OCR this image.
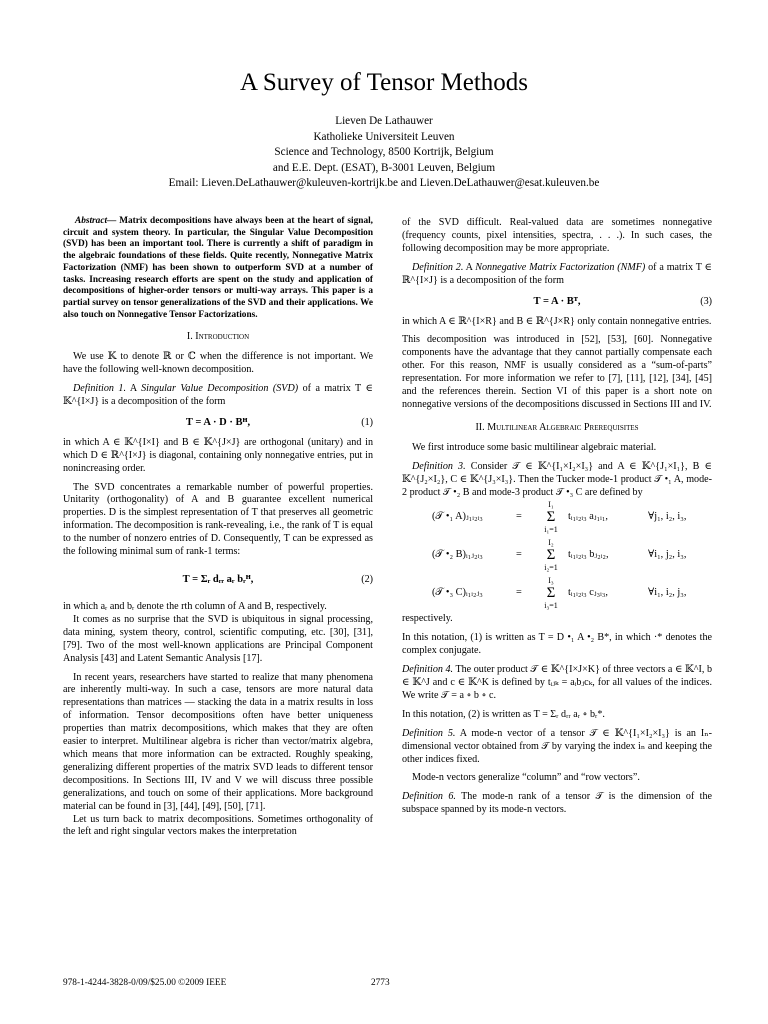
A Survey of Tensor Methods
Lieven De Lathauwer
Katholieke Universiteit Leuven
Science and Technology, 8500 Kortrijk, Belgium
and E.E. Dept. (ESAT), B-3001 Leuven, Belgium
Email: Lieven.DeLathauwer@kuleuven-kortrijk.be and Lieven.DeLathauwer@esat.kuleuven.be

Abstract— Matrix decompositions have always been at the heart of signal, circuit and system theory. In particular, the Singular Value Decomposition (SVD) has been an important tool. There is currently a shift of paradigm in the algebraic foundations of these fields. Quite recently, Nonnegative Matrix Factorization (NMF) has been shown to outperform SVD at a number of tasks. Increasing research efforts are spent on the study and application of decompositions of higher-order tensors or multi-way arrays. This paper is a partial survey on tensor generalizations of the SVD and their applications. We also touch on Nonnegative Tensor Factorizations.

I. Introduction

We use 𝕂 to denote ℝ or ℂ when the difference is not important. We have the following well-known decomposition.

Definition 1. A Singular Value Decomposition (SVD) of a matrix T ∈ 𝕂^{I×J} is a decomposition of the form

T = A · D · Bᴴ,	(1)

in which A ∈ 𝕂^{I×I} and B ∈ 𝕂^{J×J} are orthogonal (unitary) and in which D ∈ ℝ^{I×J} is diagonal, containing only nonnegative entries, put in nonincreasing order.

The SVD concentrates a remarkable number of powerful properties. Unitarity (orthogonality) of A and B guarantee excellent numerical properties. D is the simplest representation of T that preserves all geometric information. The decomposition is rank-revealing, i.e., the rank of T is equal to the number of nonzero entries of D. Consequently, T can be expressed as the following minimal sum of rank-1 terms:

T = Σᵣ dᵣᵣ aᵣ bᵣᴴ,	(2)

in which aᵣ and bᵣ denote the rth column of A and B, respectively.

It comes as no surprise that the SVD is ubiquitous in signal processing, data mining, system theory, control, scientific computing, etc. [30], [31], [79]. Two of the most well-known applications are Principal Component Analysis [43] and Latent Semantic Analysis [17].

In recent years, researchers have started to realize that many phenomena are inherently multi-way. In such a case, tensors are more natural data representations than matrices — stacking the data in a matrix results in loss of information. Tensor decompositions often have better uniqueness properties than matrix decompositions, which makes that they are often easier to interpret. Multilinear algebra is richer than vector/matrix algebra, which means that more information can be extracted. Roughly speaking, generalizing different properties of the matrix SVD leads to different tensor decompositions. In Sections III, IV and V we will discuss three possible generalizations, and touch on some of their applications. More background material can be found in [3], [44], [49], [50], [71].

Let us turn back to matrix decompositions. Sometimes orthogonality of the left and right singular vectors makes the interpretation

of the SVD difficult. Real-valued data are sometimes nonnegative (frequency counts, pixel intensities, spectra, . . .). In such cases, the following decomposition may be more appropriate.

Definition 2. A Nonnegative Matrix Factorization (NMF) of a matrix T ∈ ℝ^{I×J} is a decomposition of the form

T = A · Bᵀ,	(3)

in which A ∈ ℝ^{I×R} and B ∈ ℝ^{J×R} only contain nonnegative entries.

This decomposition was introduced in [52], [53], [60]. Nonnegative components have the advantage that they cannot partially compensate each other. For this reason, NMF is usually considered as a “sum-of-parts” representation. For more information we refer to [7], [11], [12], [34], [45] and the references therein. Section VI of this paper is a short note on nonnegative versions of the decompositions discussed in Sections III and IV.

II. Multilinear Algebraic Prerequisites

We first introduce some basic multilinear algebraic material.

Definition 3. Consider 𝒯 ∈ 𝕂^{I₁×I₂×I₃} and A ∈ 𝕂^{J₁×I₁}, B ∈ 𝕂^{J₂×I₂}, C ∈ 𝕂^{J₃×I₃}. Then the Tucker mode-1 product 𝒯 •₁ A, mode-2 product 𝒯 •₂ B and mode-3 product 𝒯 •₃ C are defined by

(𝒯 •₁ A)ⱼ₁ᵢ₂ᵢ₃	=
I₁
Σ
i₁=1
tᵢ₁ᵢ₂ᵢ₃ aⱼ₁ᵢ₁,	∀j₁, i₂, i₃,
(𝒯 •₂ B)ᵢ₁ⱼ₂ᵢ₃	=
I₂
Σ
i₂=1
tᵢ₁ᵢ₂ᵢ₃ bⱼ₂ᵢ₂,	∀i₁, j₂, i₃,
(𝒯 •₃ C)ᵢ₁ᵢ₂ⱼ₃	=
I₃
Σ
i₃=1
tᵢ₁ᵢ₂ᵢ₃ cⱼ₃ᵢ₃,	∀i₁, i₂, j₃,

respectively.

In this notation, (1) is written as T = D •₁ A •₂ B*, in which ·* denotes the complex conjugate.

Definition 4. The outer product 𝒯 ∈ 𝕂^{I×J×K} of three vectors a ∈ 𝕂^I, b ∈ 𝕂^J and c ∈ 𝕂^K is defined by tᵢⱼₖ = aᵢbⱼcₖ, for all values of the indices. We write 𝒯 = a ∘ b ∘ c.

In this notation, (2) is written as T = Σᵣ dᵣᵣ aᵣ ∘ bᵣ*.

Definition 5. A mode-n vector of a tensor 𝒯 ∈ 𝕂^{I₁×I₂×I₃} is an Iₙ-dimensional vector obtained from 𝒯 by varying the index iₙ and keeping the other indices fixed.

Mode-n vectors generalize “column” and “row vectors”.

Definition 6. The mode-n rank of a tensor 𝒯 is the dimension of the subspace spanned by its mode-n vectors.

978-1-4244-3828-0/09/$25.00 ©2009 IEEE	2773
